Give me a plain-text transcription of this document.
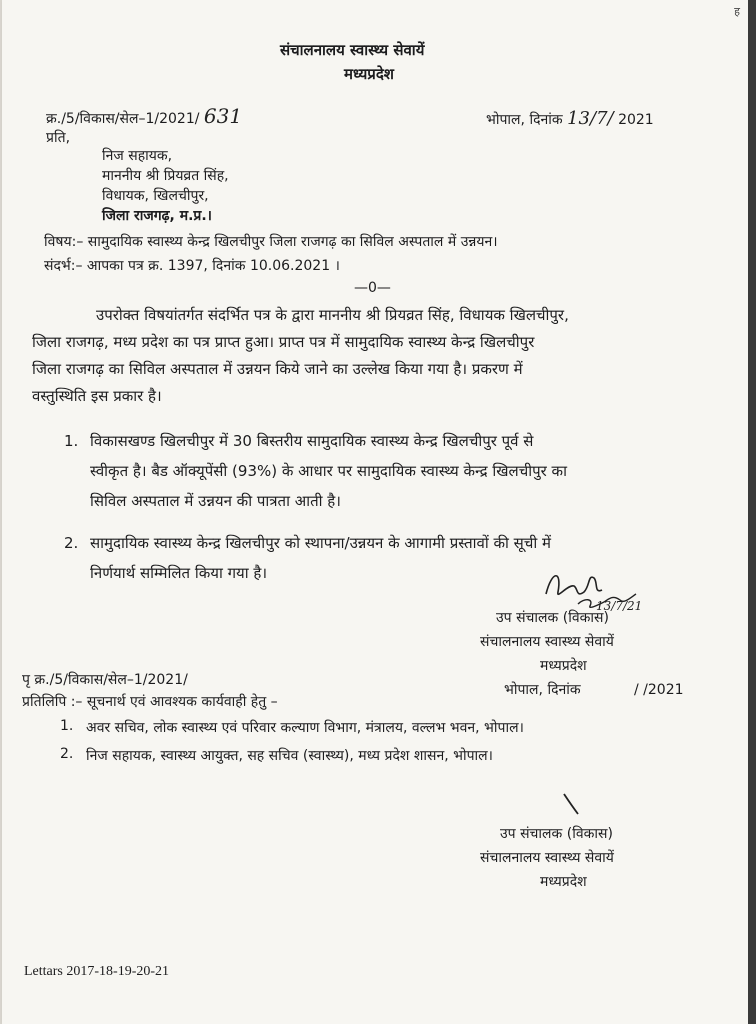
संचालनालय स्वास्थ्य सेवायें
मध्यप्रदेश
क्र./5/विकास/सेल–1/2021/ 631	भोपाल, दिनांक 13/7/ 2021
प्रति,
निज सहायक,
माननीय श्री प्रियव्रत सिंह,
विधायक, खिलचीपुर,
जिला राजगढ़, म.प्र.।
विषय:– सामुदायिक स्वास्थ्य केन्द्र खिलचीपुर जिला राजगढ़ का सिविल अस्पताल में उन्नयन।
संदर्भ:– आपका पत्र क्र. 1397, दिनांक 10.06.2021 ।
—0—
उपरोक्त विषयांतर्गत संदर्भित पत्र के द्वारा माननीय श्री प्रियव्रत सिंह, विधायक खिलचीपुर,
जिला राजगढ़, मध्य प्रदेश का पत्र प्राप्त हुआ। प्राप्त पत्र में सामुदायिक स्वास्थ्य केन्द्र खिलचीपुर
जिला राजगढ़ का सिविल अस्पताल में उन्नयन किये जाने का उल्लेख किया गया है। प्रकरण में
वस्तुस्थिति इस प्रकार है।
1. विकासखण्ड खिलचीपुर में 30 बिस्तरीय सामुदायिक स्वास्थ्य केन्द्र खिलचीपुर पूर्व से
स्वीकृत है। बैड ऑक्यूपेंसी (93%) के आधार पर सामुदायिक स्वास्थ्य केन्द्र खिलचीपुर का
सिविल अस्पताल में उन्नयन की पात्रता आती है।
2. सामुदायिक स्वास्थ्य केन्द्र खिलचीपुर को स्थापना/उन्नयन के आगामी प्रस्तावों की सूची में
निर्णयार्थ सम्मिलित किया गया है।
13/7/21
उप संचालक (विकास)
संचालनालय स्वास्थ्य सेवायें
मध्यप्रदेश
पृ क्र./5/विकास/सेल–1/2021/
भोपाल, दिनांक	/ /2021
प्रतिलिपि :– सूचनार्थ एवं आवश्यक कार्यवाही हेतु –
1. अवर सचिव, लोक स्वास्थ्य एवं परिवार कल्याण विभाग, मंत्रालय, वल्लभ भवन, भोपाल।
2. निज सहायक, स्वास्थ्य आयुक्त, सह सचिव (स्वास्थ्य), मध्य प्रदेश शासन, भोपाल।
उप संचालक (विकास)
संचालनालय स्वास्थ्य सेवायें
मध्यप्रदेश
Lettars 2017-18-19-20-21
ह
